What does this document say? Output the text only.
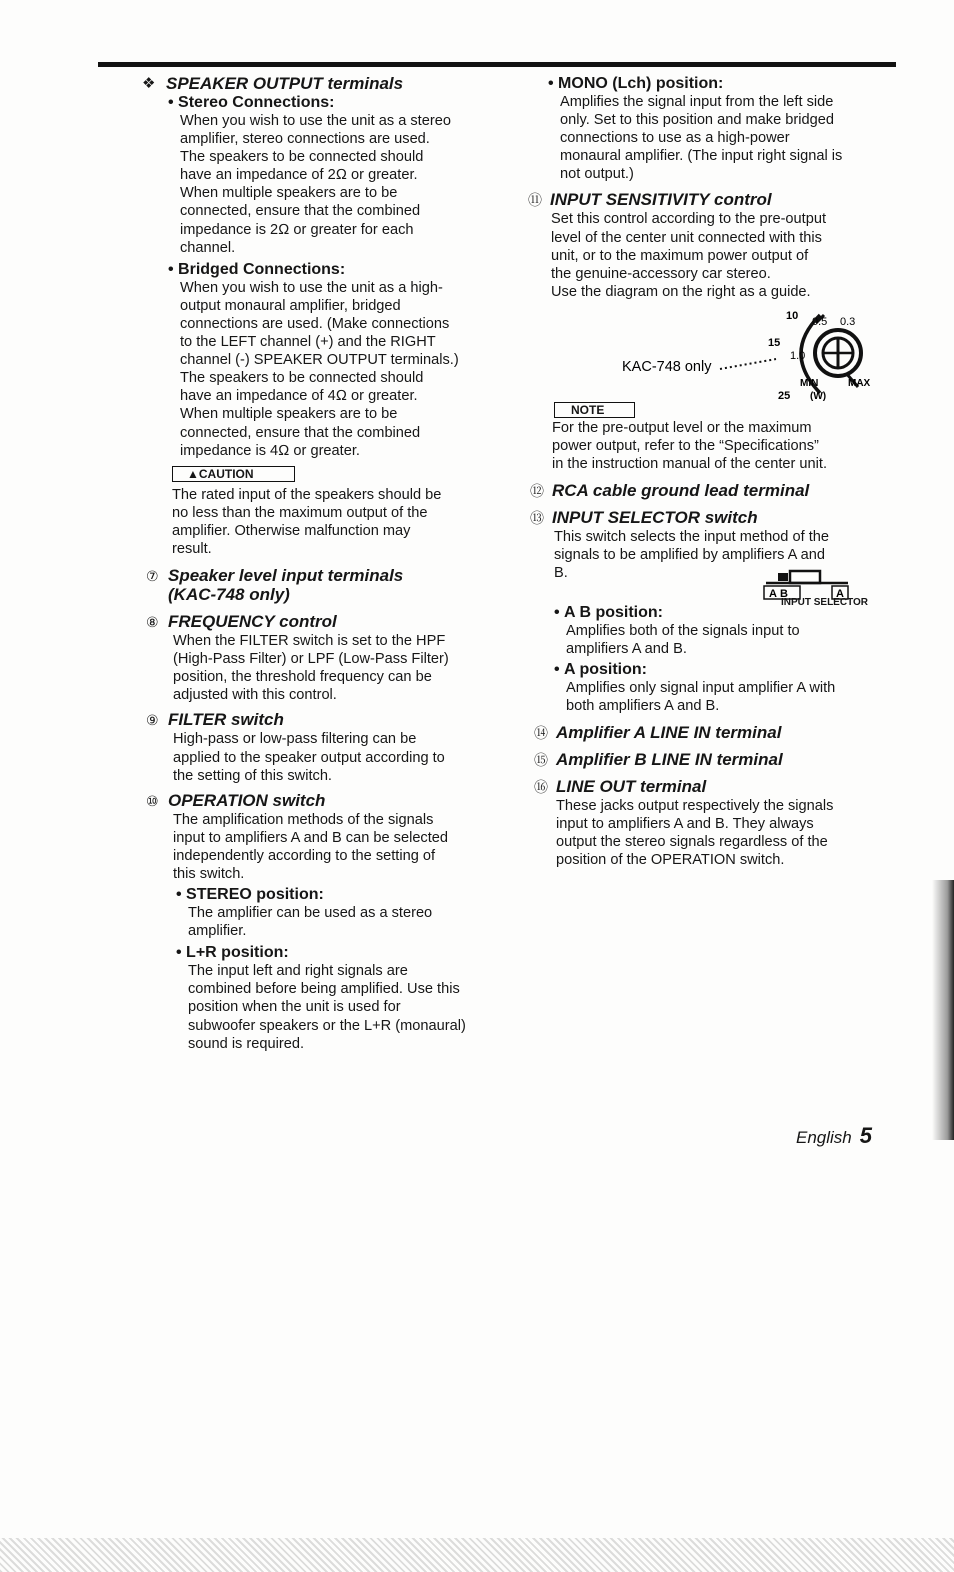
❖ SPEAKER OUTPUT terminals
• Stereo Connections:

When you wish to use the unit as a stereo

amplifier, stereo connections are used.

The speakers to be connected should

have an impedance of 2Ω or greater.

When multiple speakers are to be

connected, ensure that the combined

impedance is 2Ω or greater for each

channel.

• Bridged Connections:

When you wish to use the unit as a high-

output monaural amplifier, bridged

connections are used. (Make connections

to the LEFT channel (+) and the RIGHT

channel (-) SPEAKER OUTPUT terminals.)

The speakers to be connected should

have an impedance of 4Ω or greater.

When multiple speakers are to be

connected, ensure that the combined

impedance is 4Ω or greater.

▲CAUTION

The rated input of the speakers should be

no less than the maximum output of the

amplifier. Otherwise malfunction may

result.

⑦ Speaker level input terminals
(KAC-748 only)
⑧ FREQUENCY control

When the FILTER switch is set to the HPF

(High-Pass Filter) or LPF (Low-Pass Filter)

position, the threshold frequency can be

adjusted with this control.

⑨ FILTER switch

High-pass or low-pass filtering can be

applied to the speaker output according to

the setting of this switch.

⑩ OPERATION switch

The amplification methods of the signals

input to amplifiers A and B can be selected

independently according to the setting of

this switch.

• STEREO position:

The amplifier can be used as a stereo

amplifier.

• L+R position:

The input left and right signals are

combined before being amplified. Use this

position when the unit is used for

subwoofer speakers or the L+R (monaural)

sound is required.

• MONO (Lch) position:

Amplifies the signal input from the left side

only. Set to this position and make bridged

connections to use as a high-power

monaural amplifier. (The input right signal is

not output.)

⑪ INPUT SENSITIVITY control

Set this control according to the pre-output

level of the center unit connected with this

unit, or to the maximum power output of

the genuine-accessory car stereo.

Use the diagram on the right as a guide.

10 0.5 0.3
15
1.0
25
MIN	MAX
(W)
KAC-748 only
NOTE

For the pre-output level or the maximum

power output, refer to the “Specifications”

in the instruction manual of the center unit.

⑫ RCA cable ground lead terminal
⑬ INPUT SELECTOR switch

This switch selects the input method of the

signals to be amplified by amplifiers A and

B.

AB	A
INPUT SELECTOR
• A B position:

Amplifies both of the signals input to

amplifiers A and B.

• A position:

Amplifies only signal input amplifier A with

both amplifiers A and B.

⑭ Amplifier A LINE IN terminal
⑮ Amplifier B LINE IN terminal
⑯ LINE OUT terminal

These jacks output respectively the signals

input to amplifiers A and B. They always

output the stereo signals regardless of the

position of the OPERATION switch.

English 5
